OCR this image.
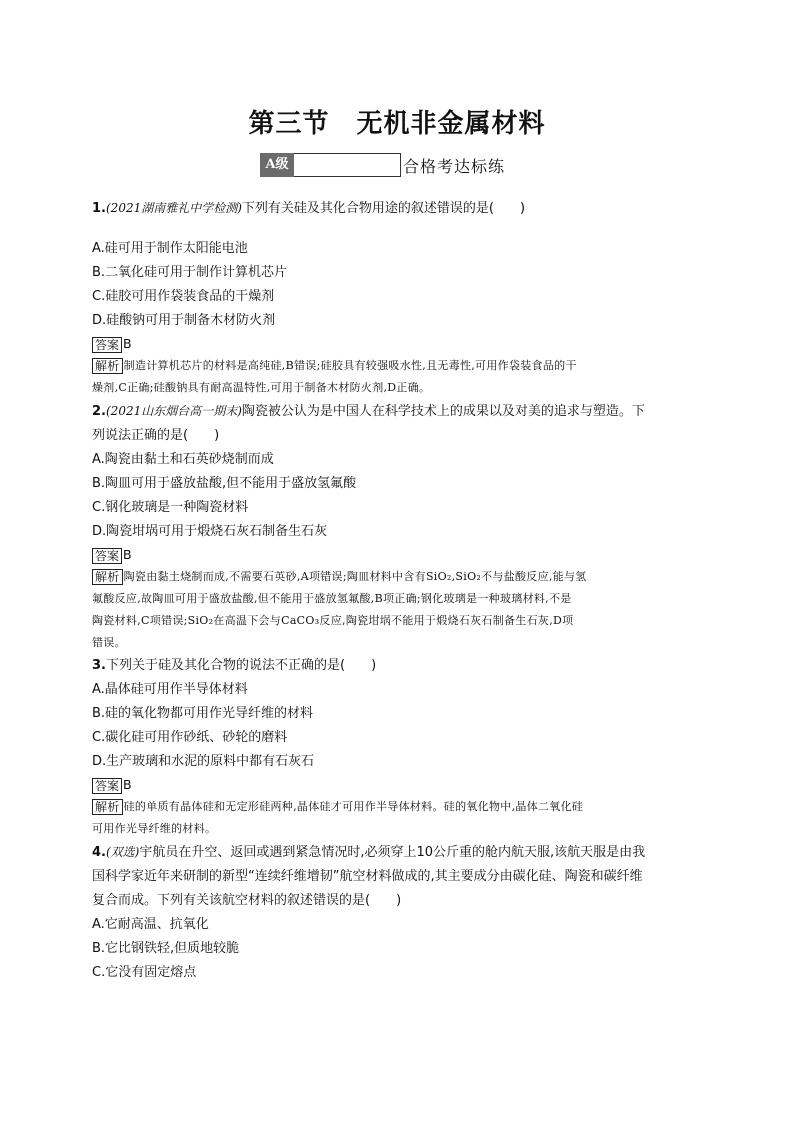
第三节　无机非金属材料
A级	合格考达标练
1.(2021湖南雅礼中学检测)下列有关硅及其化合物用途的叙述错误的是(　　)
A.硅可用于制作太阳能电池
B.二氧化硅可用于制作计算机芯片
C.硅胶可用作袋装食品的干燥剂
D.硅酸钠可用于制备木材防火剂
答案 B
解析 制造计算机芯片的材料是高纯硅,B错误;硅胶具有较强吸水性,且无毒性,可用作袋装食品的干
燥剂,C正确;硅酸钠具有耐高温特性,可用于制备木材防火剂,D正确。
2.(2021山东烟台高一期末)陶瓷被公认为是中国人在科学技术上的成果以及对美的追求与塑造。下
列说法正确的是(　　)
A.陶瓷由黏土和石英砂烧制而成
B.陶皿可用于盛放盐酸,但不能用于盛放氢氟酸
C.钢化玻璃是一种陶瓷材料
D.陶瓷坩埚可用于煅烧石灰石制备生石灰
答案 B
解析 陶瓷由黏土烧制而成,不需要石英砂,A项错误;陶皿材料中含有SiO₂,SiO₂不与盐酸反应,能与氢
氟酸反应,故陶皿可用于盛放盐酸,但不能用于盛放氢氟酸,B项正确;钢化玻璃是一种玻璃材料,不是
陶瓷材料,C项错误;SiO₂在高温下会与CaCO₃反应,陶瓷坩埚不能用于煅烧石灰石制备生石灰,D项
错误。
3.下列关于硅及其化合物的说法不正确的是(　　)
A.晶体硅可用作半导体材料
B.硅的氧化物都可用作光导纤维的材料
C.碳化硅可用作砂纸、砂轮的磨料
D.生产玻璃和水泥的原料中都有石灰石
答案 B
解析 硅的单质有晶体硅和无定形硅两种,晶体硅才可用作半导体材料。硅的氧化物中,晶体二氧化硅
可用作光导纤维的材料。
4.(双选)宇航员在升空、返回或遇到紧急情况时,必须穿上10公斤重的舱内航天服,该航天服是由我
国科学家近年来研制的新型“连续纤维增韧”航空材料做成的,其主要成分由碳化硅、陶瓷和碳纤维
复合而成。下列有关该航空材料的叙述错误的是(　　)
A.它耐高温、抗氧化
B.它比钢铁轻,但质地较脆
C.它没有固定熔点
